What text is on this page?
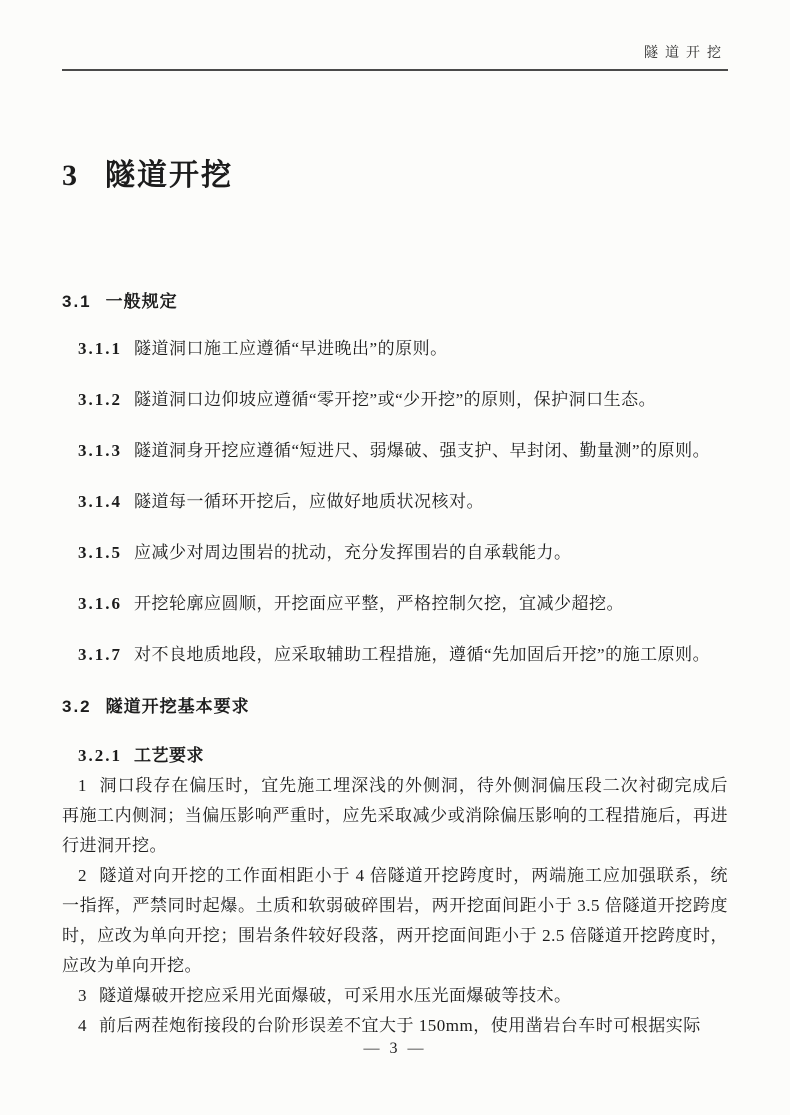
隧道开挖
3 隧道开挖
3.1 一般规定

3.1.1 隧道洞口施工应遵循“早进晚出”的原则。

3.1.2 隧道洞口边仰坡应遵循“零开挖”或“少开挖”的原则，保护洞口生态。

3.1.3 隧道洞身开挖应遵循“短进尺、弱爆破、强支护、早封闭、勤量测”的原则。

3.1.4 隧道每一循环开挖后，应做好地质状况核对。

3.1.5 应减少对周边围岩的扰动，充分发挥围岩的自承载能力。

3.1.6 开挖轮廓应圆顺，开挖面应平整，严格控制欠挖，宜减少超挖。

3.1.7 对不良地质地段，应采取辅助工程措施，遵循“先加固后开挖”的施工原则。

3.2 隧道开挖基本要求
3.2.1 工艺要求

1 洞口段存在偏压时，宜先施工埋深浅的外侧洞，待外侧洞偏压段二次衬砌完成后再施工内侧洞；当偏压影响严重时，应先采取减少或消除偏压影响的工程措施后，再进行进洞开挖。

2 隧道对向开挖的工作面相距小于 4 倍隧道开挖跨度时，两端施工应加强联系，统一指挥，严禁同时起爆。土质和软弱破碎围岩，两开挖面间距小于 3.5 倍隧道开挖跨度时，应改为单向开挖；围岩条件较好段落，两开挖面间距小于 2.5 倍隧道开挖跨度时，应改为单向开挖。

3 隧道爆破开挖应采用光面爆破，可采用水压光面爆破等技术。

4 前后两茬炮衔接段的台阶形误差不宜大于 150mm，使用凿岩台车时可根据实际

— 3 —
